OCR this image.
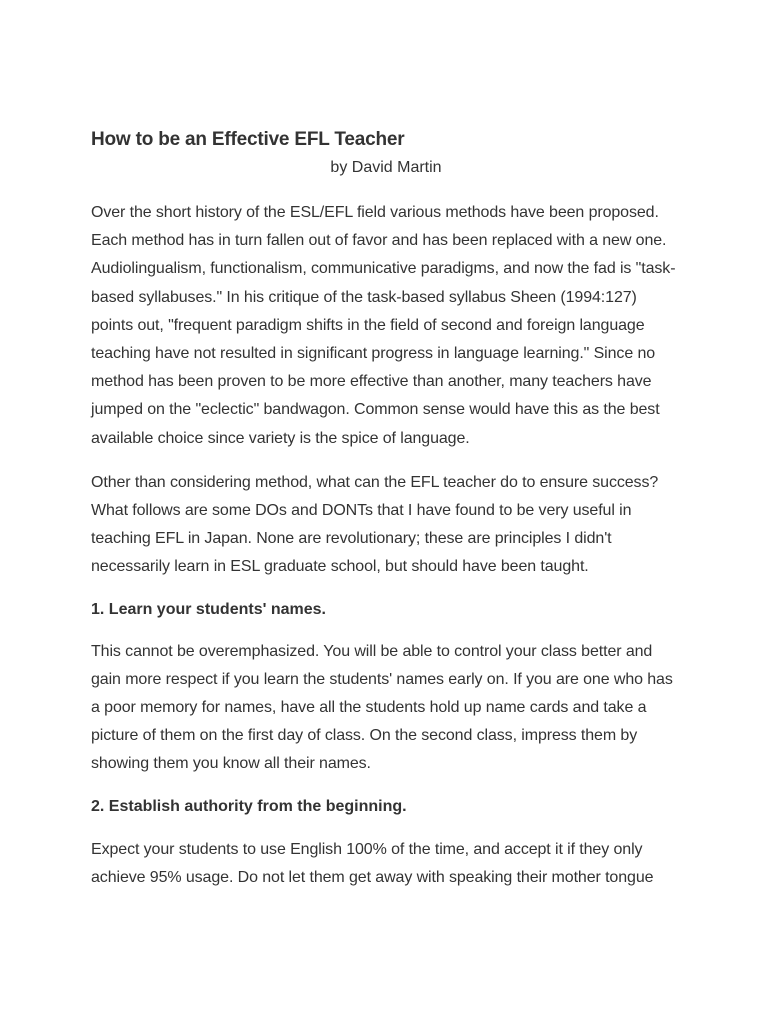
How to be an Effective EFL Teacher

by David Martin

Over the short history of the ESL/EFL field various methods have been proposed. Each method has in turn fallen out of favor and has been replaced with a new one. Audiolingualism, functionalism, communicative paradigms, and now the fad is "task-based syllabuses." In his critique of the task-based syllabus Sheen (1994:127) points out, "frequent paradigm shifts in the field of second and foreign language teaching have not resulted in significant progress in language learning." Since no method has been proven to be more effective than another, many teachers have jumped on the "eclectic" bandwagon. Common sense would have this as the best available choice since variety is the spice of language.

Other than considering method, what can the EFL teacher do to ensure success? What follows are some DOs and DONTs that I have found to be very useful in teaching EFL in Japan. None are revolutionary; these are principles I didn't necessarily learn in ESL graduate school, but should have been taught.

1. Learn your students' names.

This cannot be overemphasized. You will be able to control your class better and gain more respect if you learn the students' names early on. If you are one who has a poor memory for names, have all the students hold up name cards and take a picture of them on the first day of class. On the second class, impress them by showing them you know all their names.

2. Establish authority from the beginning.

Expect your students to use English 100% of the time, and accept it if they only achieve 95% usage. Do not let them get away with speaking their mother tongue
